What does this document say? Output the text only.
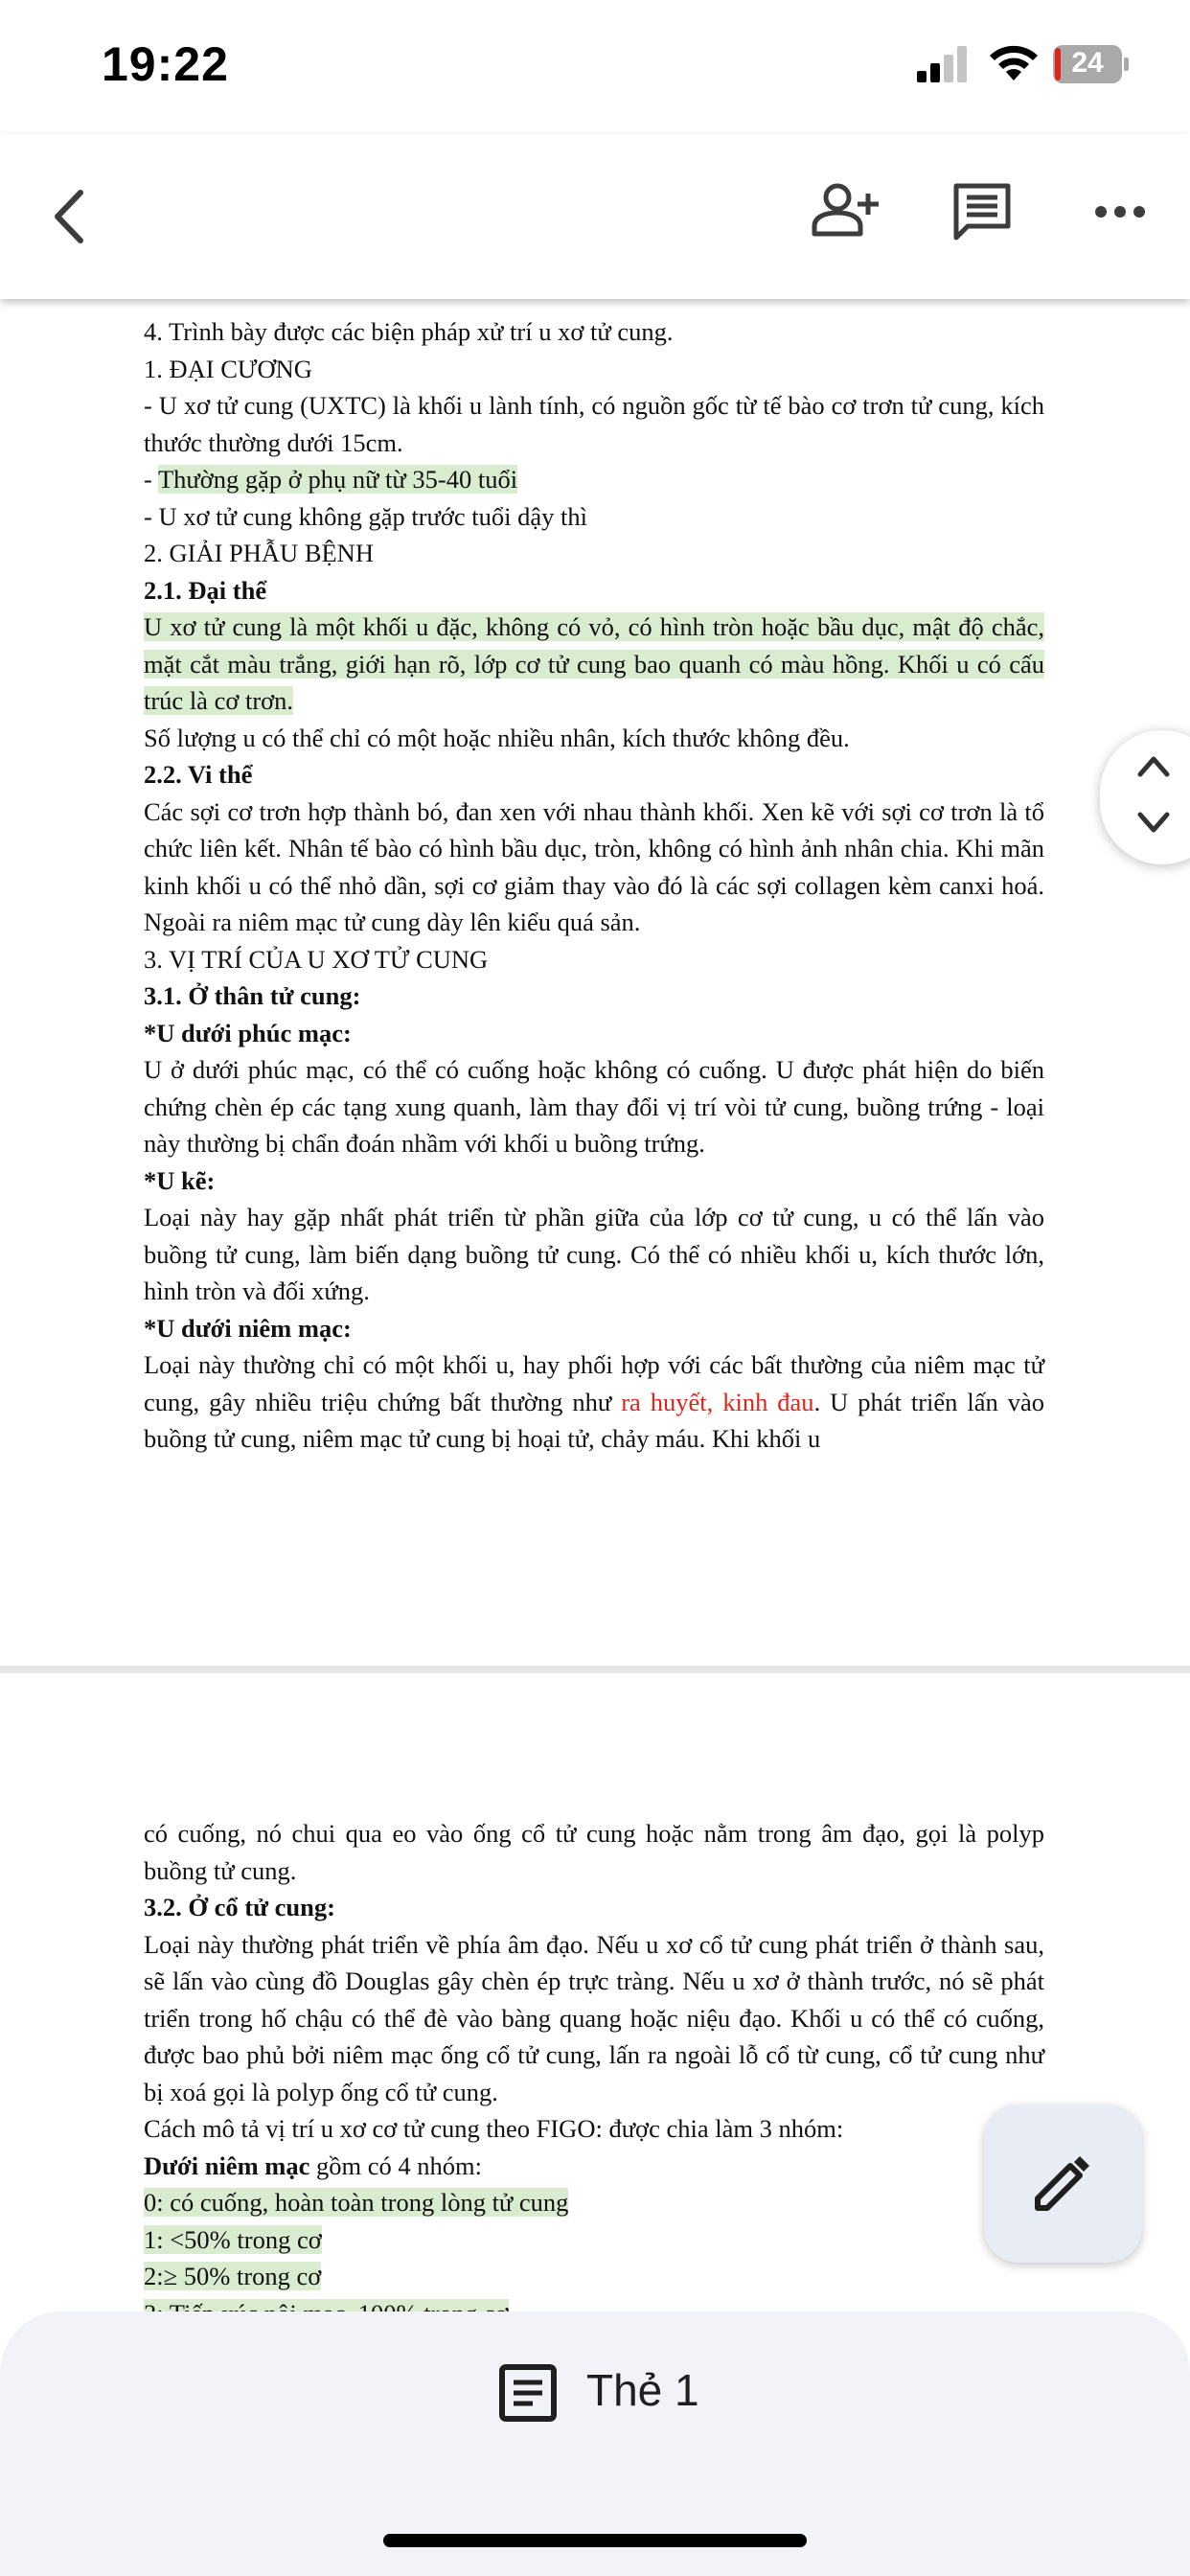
19:22	24

4. Trình bày được các biện pháp xử trí u xơ tử cung.

1. ĐẠI CƯƠNG

- U xơ tử cung (UXTC) là khối u lành tính, có nguồn gốc từ tế bào cơ trơn tử cung, kích thước thường dưới 15cm.

- Thường gặp ở phụ nữ từ 35-40 tuổi

- U xơ tử cung không gặp trước tuổi dậy thì

2. GIẢI PHẪU BỆNH

2.1. Đại thể

U xơ tử cung là một khối u đặc, không có vỏ, có hình tròn hoặc bầu dục, mật độ chắc, mặt cắt màu trắng, giới hạn rõ, lớp cơ tử cung bao quanh có màu hồng. Khối u có cấu trúc là cơ trơn.

Số lượng u có thể chỉ có một hoặc nhiều nhân, kích thước không đều.

2.2. Vi thể

Các sợi cơ trơn hợp thành bó, đan xen với nhau thành khối. Xen kẽ với sợi cơ trơn là tổ chức liên kết. Nhân tế bào có hình bầu dục, tròn, không có hình ảnh nhân chia. Khi mãn kinh khối u có thể nhỏ dần, sợi cơ giảm thay vào đó là các sợi collagen kèm canxi hoá. Ngoài ra niêm mạc tử cung dày lên kiểu quá sản.

3. VỊ TRÍ CỦA U XƠ TỬ CUNG

3.1. Ở thân tử cung:

*U dưới phúc mạc:

U ở dưới phúc mạc, có thể có cuống hoặc không có cuống. U được phát hiện do biến chứng chèn ép các tạng xung quanh, làm thay đổi vị trí vòi tử cung, buồng trứng - loại này thường bị chẩn đoán nhầm với khối u buồng trứng.

*U kẽ:

Loại này hay gặp nhất phát triển từ phần giữa của lớp cơ tử cung, u có thể lấn vào buồng tử cung, làm biến dạng buồng tử cung. Có thể có nhiều khối u, kích thước lớn, hình tròn và đối xứng.

*U dưới niêm mạc:

Loại này thường chỉ có một khối u, hay phối hợp với các bất thường của niêm mạc tử cung, gây nhiều triệu chứng bất thường như ra huyết, kinh đau. U phát triển lấn vào buồng tử cung, niêm mạc tử cung bị hoại tử, chảy máu. Khi khối u

có cuống, nó chui qua eo vào ống cổ tử cung hoặc nằm trong âm đạo, gọi là polyp buồng tử cung.

3.2. Ở cổ tử cung:

Loại này thường phát triển về phía âm đạo. Nếu u xơ cổ tử cung phát triển ở thành sau, sẽ lấn vào cùng đồ Douglas gây chèn ép trực tràng. Nếu u xơ ở thành trước, nó sẽ phát triển trong hố chậu có thể đè vào bàng quang hoặc niệu đạo. Khối u có thể có cuống, được bao phủ bởi niêm mạc ống cổ tử cung, lấn ra ngoài lỗ cổ từ cung, cổ tử cung như bị xoá gọi là polyp ống cổ tử cung.

Cách mô tả vị trí u xơ cơ tử cung theo FIGO: được chia làm 3 nhóm:

Dưới niêm mạc gồm có 4 nhóm:

0: có cuống, hoàn toàn trong lòng tử cung

1: <50% trong cơ

2:≥ 50% trong cơ

Thẻ 1
